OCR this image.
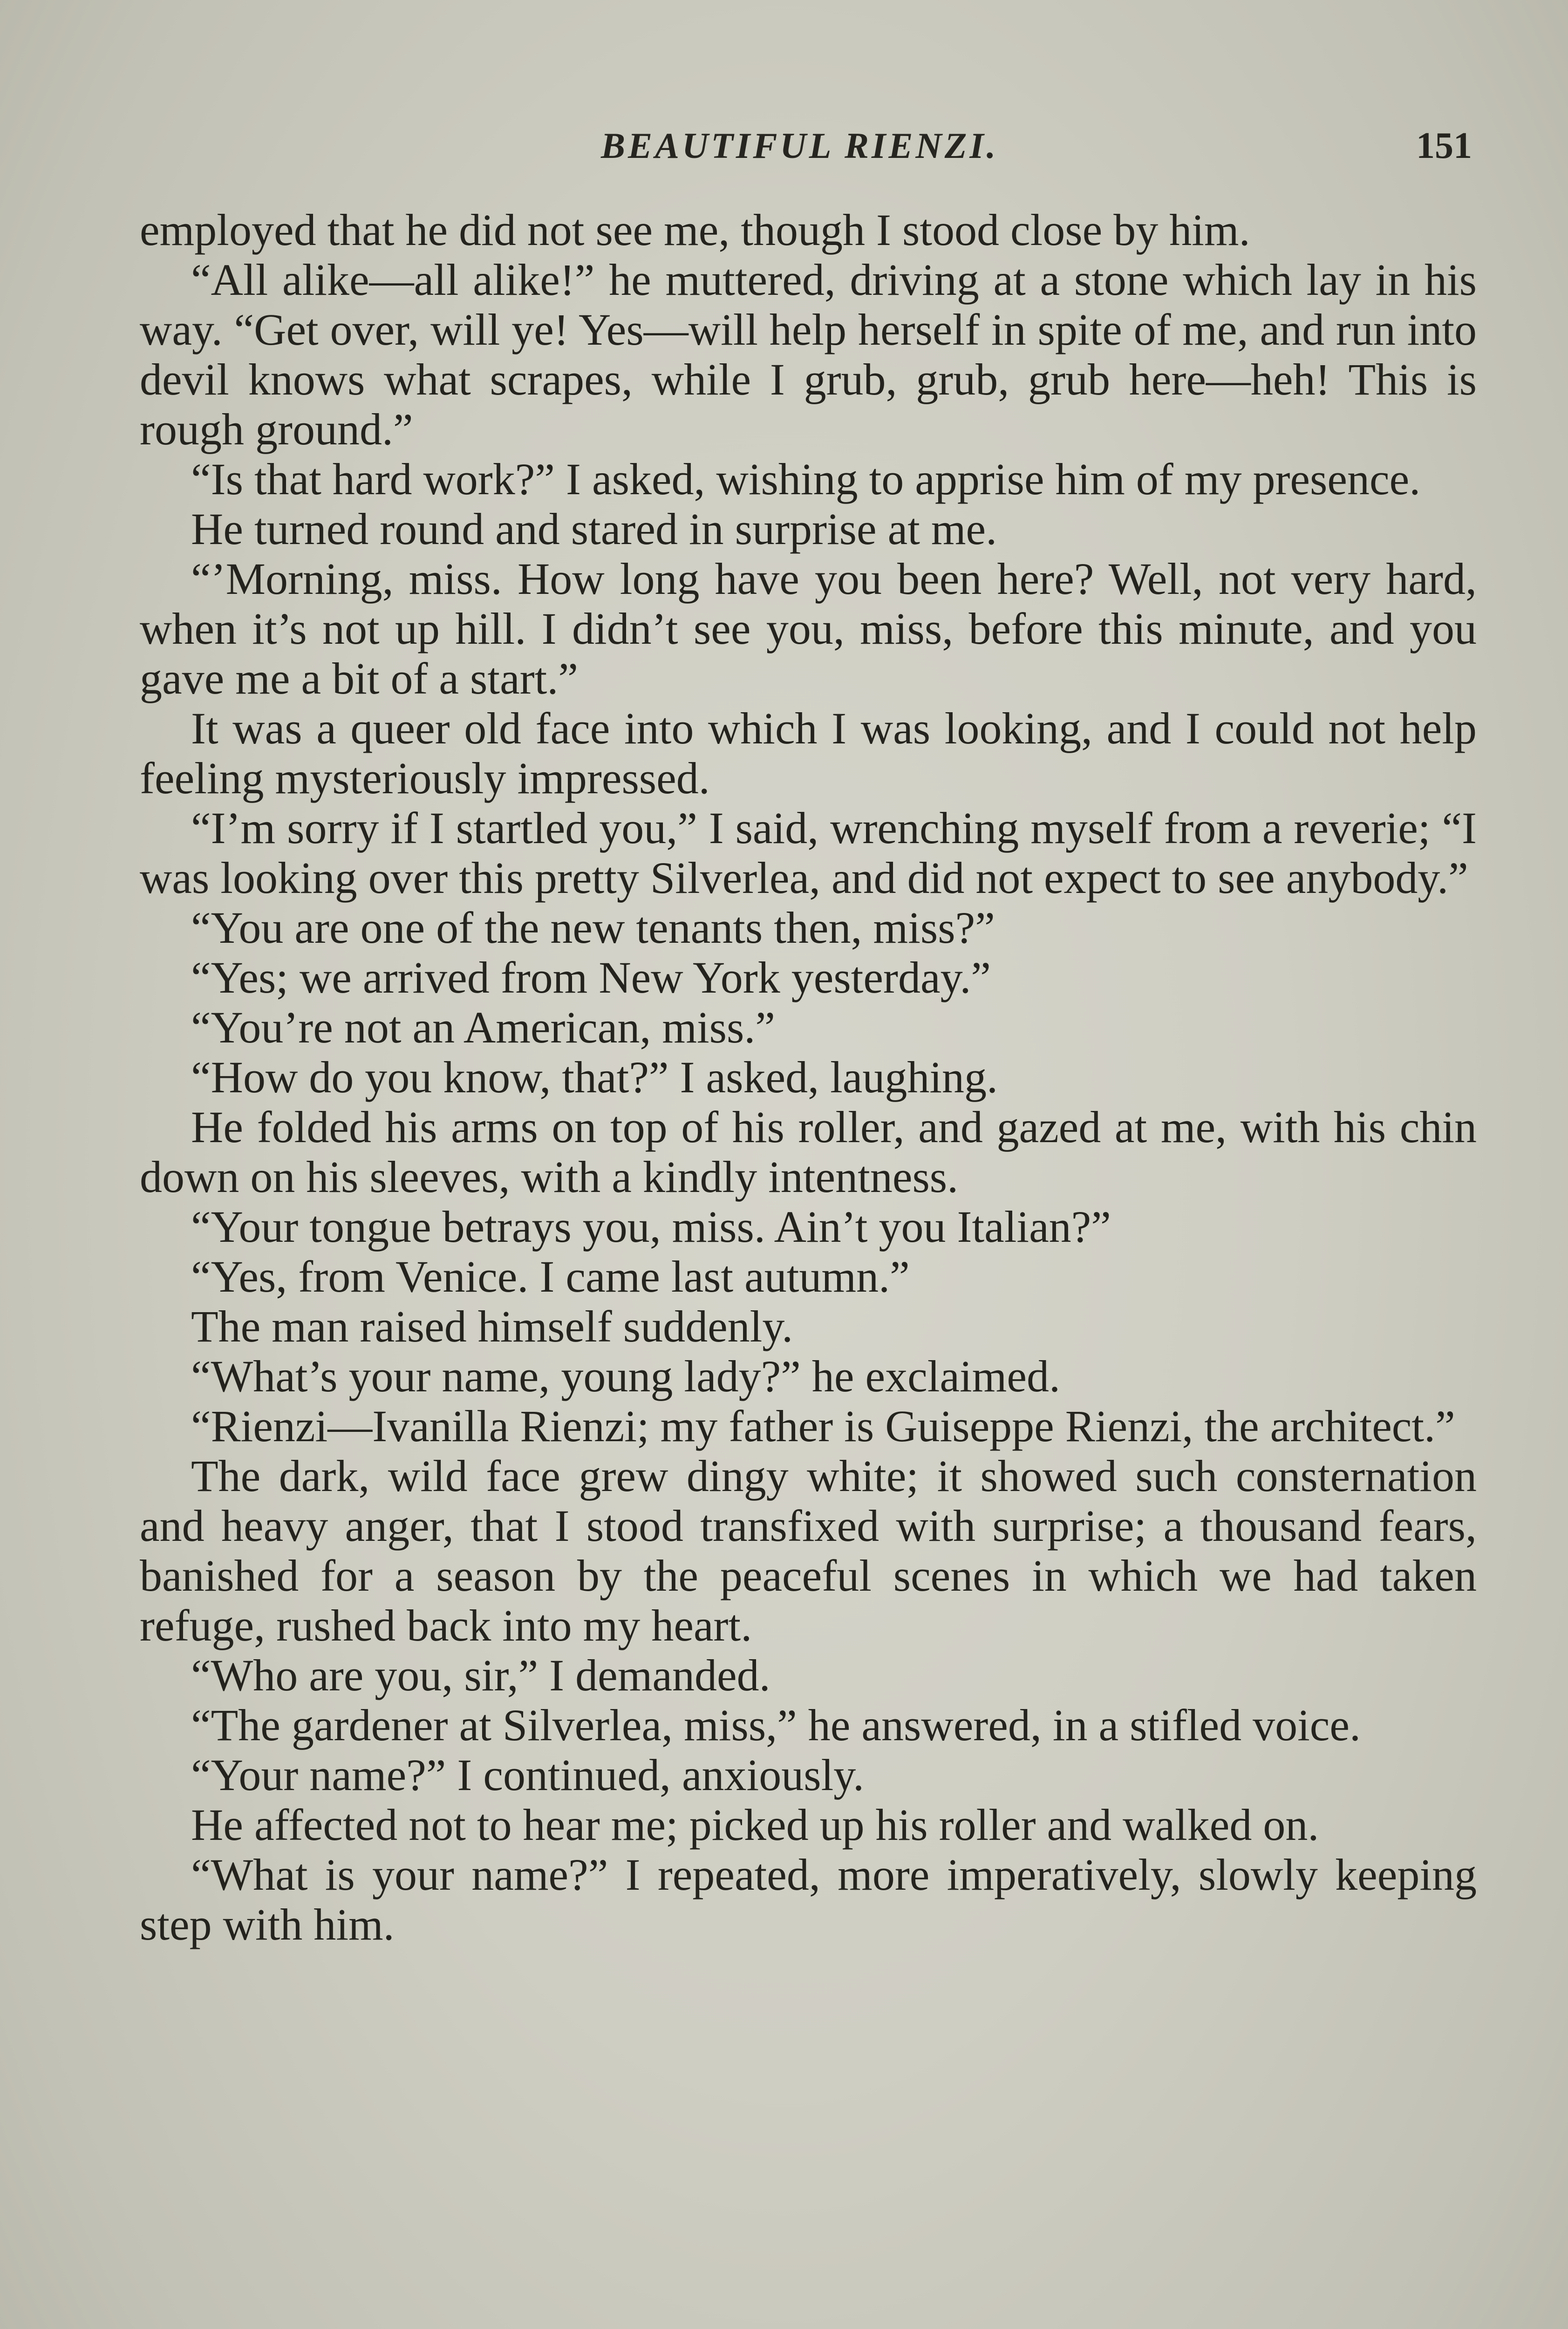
BEAUTIFUL RIENZI.	151

employed that he did not see me, though I stood close by him.

“All alike—all alike!” he muttered, driving at a stone which lay in his way. “Get over, will ye! Yes—will help herself in spite of me, and run into devil knows what scrapes, while I grub, grub, grub here—heh! This is rough ground.”

“Is that hard work?” I asked, wishing to apprise him of my presence.

He turned round and stared in surprise at me.

“’Morning, miss. How long have you been here? Well, not very hard, when it’s not up hill. I didn’t see you, miss, before this minute, and you gave me a bit of a start.”

It was a queer old face into which I was looking, and I could not help feeling mysteriously impressed.

“I’m sorry if I startled you,” I said, wrenching myself from a reverie; “I was looking over this pretty Silverlea, and did not expect to see anybody.”

“You are one of the new tenants then, miss?”

“Yes; we arrived from New York yesterday.”

“You’re not an American, miss.”

“How do you know, that?” I asked, laughing.

He folded his arms on top of his roller, and gazed at me, with his chin down on his sleeves, with a kindly intentness.

“Your tongue betrays you, miss. Ain’t you Italian?”

“Yes, from Venice. I came last autumn.”

The man raised himself suddenly.

“What’s your name, young lady?” he exclaimed.

“Rienzi—Ivanilla Rienzi; my father is Guiseppe Rienzi, the architect.”

The dark, wild face grew dingy white; it showed such consternation and heavy anger, that I stood transfixed with surprise; a thousand fears, banished for a season by the peaceful scenes in which we had taken refuge, rushed back into my heart.

“Who are you, sir,” I demanded.

“The gardener at Silverlea, miss,” he answered, in a stifled voice.

“Your name?” I continued, anxiously.

He affected not to hear me; picked up his roller and walked on.

“What is your name?” I repeated, more imperatively, slowly keeping step with him.
